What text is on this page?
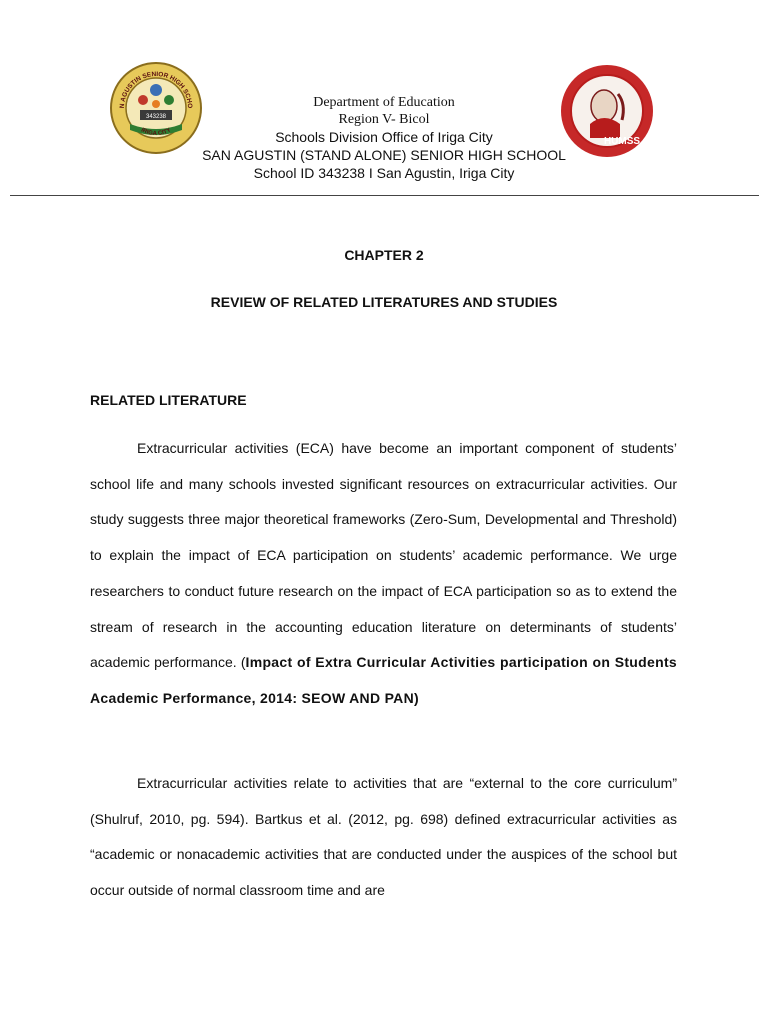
N AGUSTIN SENIOR HIGH SCHO
IRIGA CITY
343238
HUMSS
Department of Education
Region V- Bicol
Schools Division Office of Iriga City
SAN AGUSTIN (STAND ALONE) SENIOR HIGH SCHOOL
School ID 343238 I San Agustin, Iriga City
CHAPTER 2
REVIEW OF RELATED LITERATURES AND STUDIES
RELATED LITERATURE

Extracurricular activities (ECA) have become an important component of students’ school life and many schools invested significant resources on extracurricular activities. Our study suggests three major theoretical frameworks (Zero-Sum, Developmental and Threshold) to explain the impact of ECA participation on students’ academic performance. We urge researchers to conduct future research on the impact of ECA participation so as to extend the stream of research in the accounting education literature on determinants of students’ academic performance. (Impact of Extra Curricular Activities participation on Students Academic Performance, 2014: SEOW AND PAN)

Extracurricular activities relate to activities that are “external to the core curriculum” (Shulruf, 2010, pg. 594). Bartkus et al. (2012, pg. 698) defined extracurricular activities as “academic or nonacademic activities that are conducted under the auspices of the school but occur outside of normal classroom time and are
